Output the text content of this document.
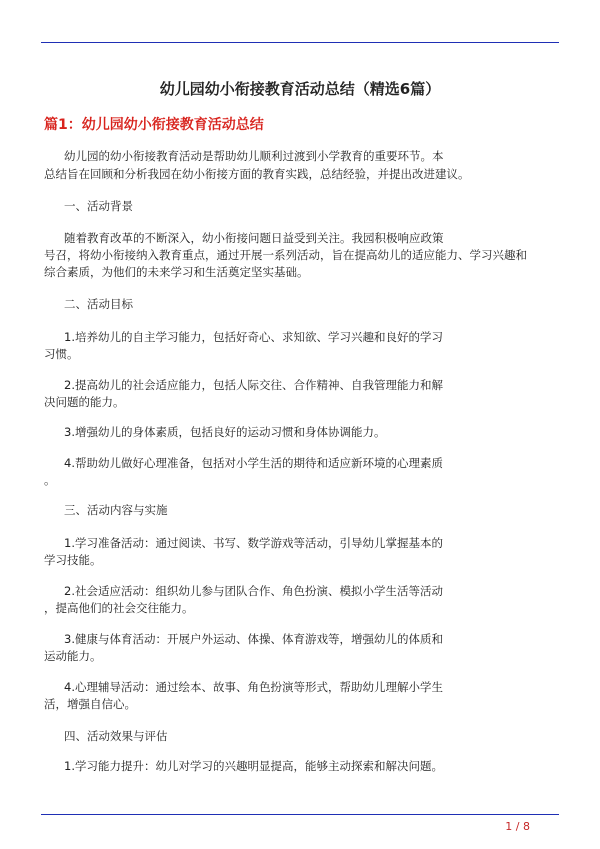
幼儿园幼小衔接教育活动总结（精选6篇）
篇1：幼儿园幼小衔接教育活动总结
幼儿园的幼小衔接教育活动是帮助幼儿顺利过渡到小学教育的重要环节。本
总结旨在回顾和分析我园在幼小衔接方面的教育实践，总结经验，并提出改进建议。
一、活动背景
随着教育改革的不断深入，幼小衔接问题日益受到关注。我园积极响应政策
号召，将幼小衔接纳入教育重点，通过开展一系列活动，旨在提高幼儿的适应能力、学习兴趣和
综合素质，为他们的未来学习和生活奠定坚实基础。
二、活动目标
1.培养幼儿的自主学习能力，包括好奇心、求知欲、学习兴趣和良好的学习
习惯。
2.提高幼儿的社会适应能力，包括人际交往、合作精神、自我管理能力和解
决问题的能力。
3.增强幼儿的身体素质，包括良好的运动习惯和身体协调能力。
4.帮助幼儿做好心理准备，包括对小学生活的期待和适应新环境的心理素质
。
三、活动内容与实施
1.学习准备活动：通过阅读、书写、数学游戏等活动，引导幼儿掌握基本的
学习技能。
2.社会适应活动：组织幼儿参与团队合作、角色扮演、模拟小学生活等活动
，提高他们的社会交往能力。
3.健康与体育活动：开展户外运动、体操、体育游戏等，增强幼儿的体质和
运动能力。
4.心理辅导活动：通过绘本、故事、角色扮演等形式，帮助幼儿理解小学生
活，增强自信心。
四、活动效果与评估
1.学习能力提升：幼儿对学习的兴趣明显提高，能够主动探索和解决问题。
1 / 8
